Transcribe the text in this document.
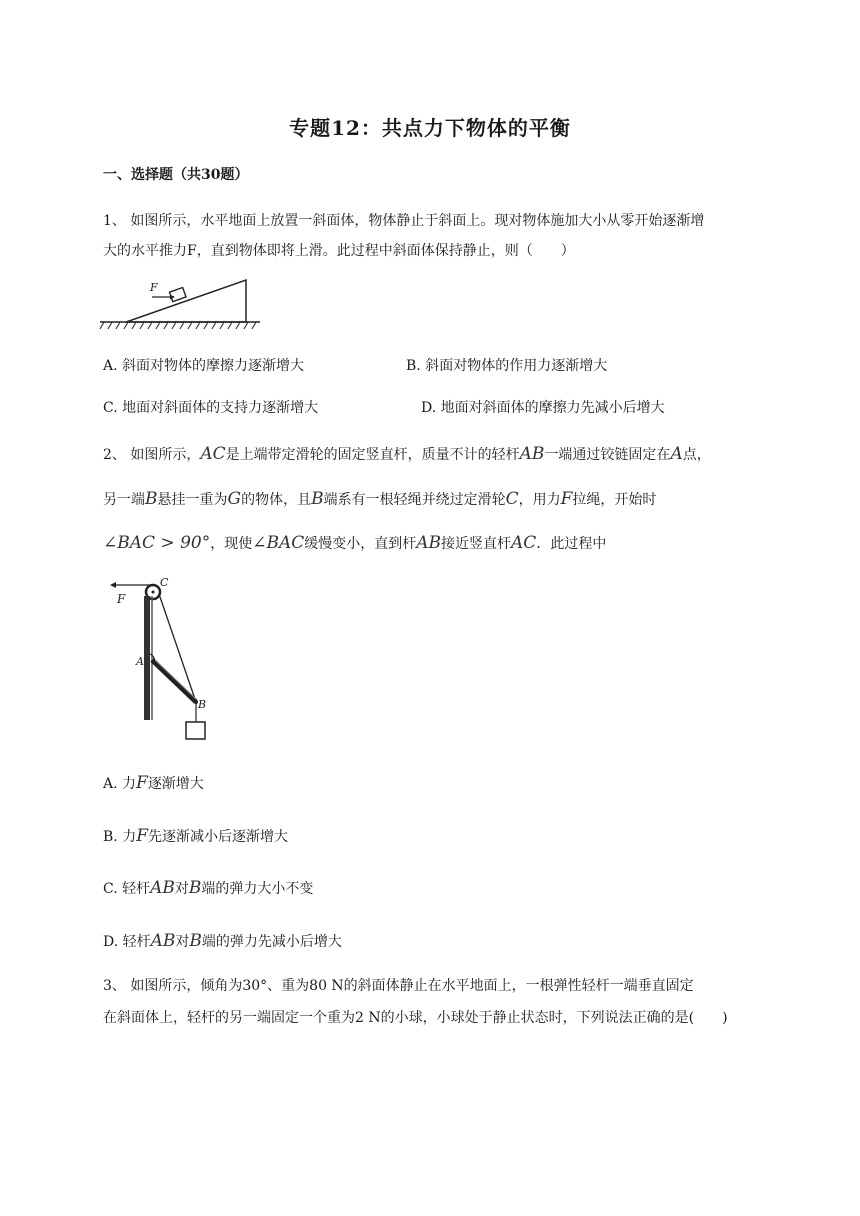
专题12：共点力下物体的平衡
一、选择题（共30题）
1、 如图所示，水平地面上放置一斜面体，物体静止于斜面上。现对物体施加大小从零开始逐渐增
大的水平推力F，直到物体即将上滑。此过程中斜面体保持静止，则（　　）
F
A. 斜面对物体的摩擦力逐渐增大	B. 斜面对物体的作用力逐渐增大
C. 地面对斜面体的支持力逐渐增大	D. 地面对斜面体的摩擦力先减小后增大
2、 如图所示，AC是上端带定滑轮的固定竖直杆，质量不计的轻杆AB一端通过铰链固定在A点，
另一端B悬挂一重为G的物体，且B端系有一根轻绳并绕过定滑轮C，用力F拉绳，开始时
∠BAC > 90°，现使∠BAC缓慢变小，直到杆AB接近竖直杆AC．此过程中
C
F
A
B
A. 力F逐渐增大
B. 力F先逐渐减小后逐渐增大
C. 轻杆AB对B端的弹力大小不变
D. 轻杆AB对B端的弹力先减小后增大
3、 如图所示，倾角为30°、重为80 N的斜面体静止在水平地面上，一根弹性轻杆一端垂直固定
在斜面体上，轻杆的另一端固定一个重为2 N的小球，小球处于静止状态时，下列说法正确的是(　　)
